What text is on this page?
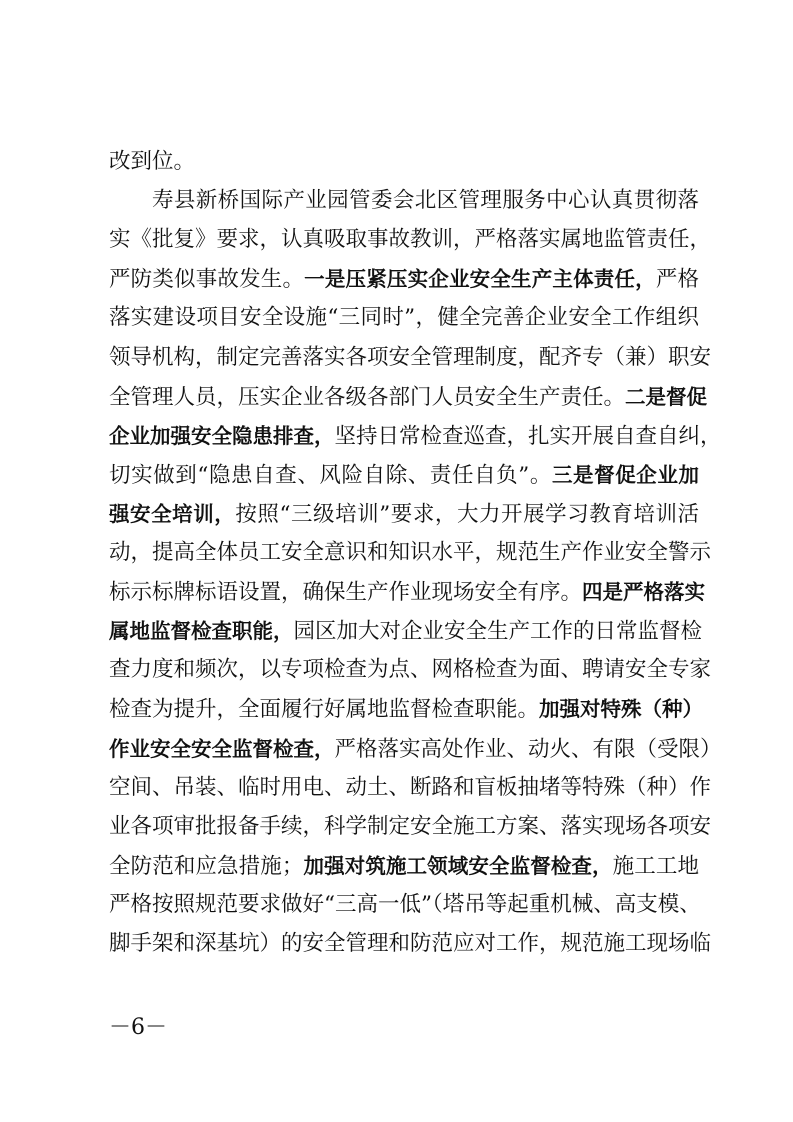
改到位。
寿县新桥国际产业园管委会北区管理服务中心认真贯彻落
实《批复》要求，认真吸取事故教训，严格落实属地监管责任，
严防类似事故发生。一是压紧压实企业安全生产主体责任，严格
落实建设项目安全设施“三同时”，健全完善企业安全工作组织
领导机构，制定完善落实各项安全管理制度，配齐专（兼）职安
全管理人员，压实企业各级各部门人员安全生产责任。二是督促
企业加强安全隐患排查，坚持日常检查巡查，扎实开展自查自纠，
切实做到“隐患自查、风险自除、责任自负”。三是督促企业加
强安全培训，按照“三级培训”要求，大力开展学习教育培训活
动，提高全体员工安全意识和知识水平，规范生产作业安全警示
标示标牌标语设置，确保生产作业现场安全有序。四是严格落实
属地监督检查职能，园区加大对企业安全生产工作的日常监督检
查力度和频次，以专项检查为点、网格检查为面、聘请安全专家
检查为提升，全面履行好属地监督检查职能。加强对特殊（种）
作业安全安全监督检查，严格落实高处作业、动火、有限（受限）
空间、吊装、临时用电、动土、断路和盲板抽堵等特殊（种）作
业各项审批报备手续，科学制定安全施工方案、落实现场各项安
全防范和应急措施；加强对筑施工领域安全监督检查，施工工地
严格按照规范要求做好“三高一低”（塔吊等起重机械、高支模、
脚手架和深基坑）的安全管理和防范应对工作，规范施工现场临
－6－
